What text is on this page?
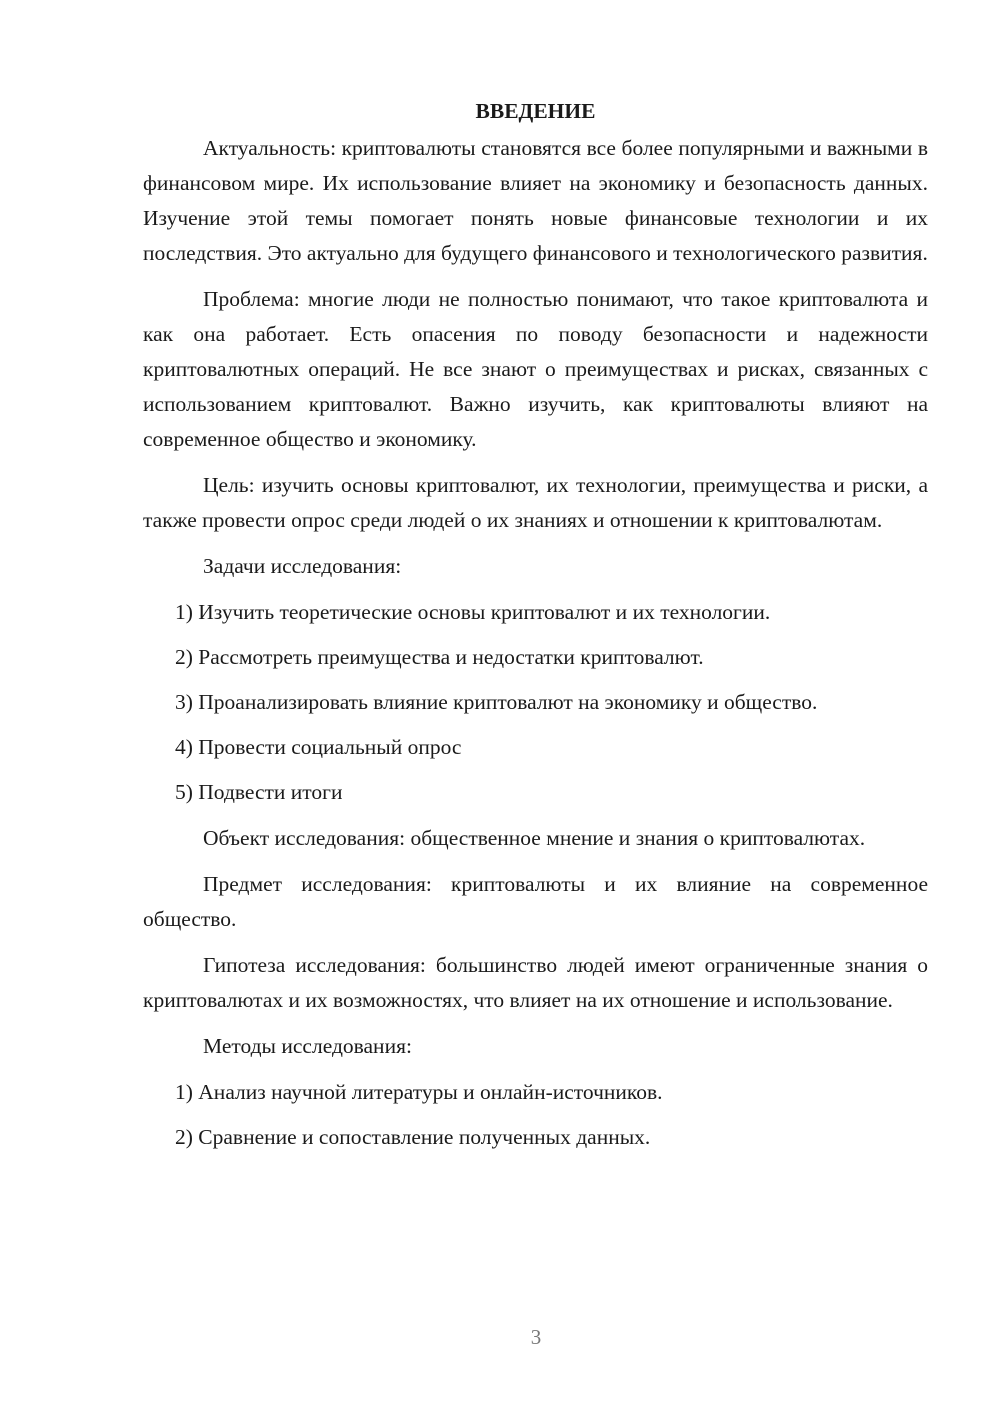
ВВЕДЕНИЕ

Актуальность: криптовалюты становятся все более популярными и важными в финансовом мире. Их использование влияет на экономику и безопасность данных. Изучение этой темы помогает понять новые финансовые технологии и их последствия. Это актуально для будущего финансового и технологического развития.

Проблема: многие люди не полностью понимают, что такое криптовалюта и как она работает. Есть опасения по поводу безопасности и надежности криптовалютных операций. Не все знают о преимуществах и рисках, связанных с использованием криптовалют. Важно изучить, как криптовалюты влияют на современное общество и экономику.

Цель: изучить основы криптовалют, их технологии, преимущества и риски, а также провести опрос среди людей о их знаниях и отношении к криптовалютам.

Задачи исследования:

1) Изучить теоретические основы криптовалют и их технологии.
2) Рассмотреть преимущества и недостатки криптовалют.
3) Проанализировать влияние криптовалют на экономику и общество.
4) Провести социальный опрос
5) Подвести итоги

Объект исследования: общественное мнение и знания о криптовалютах.

Предмет исследования: криптовалюты и их влияние на современное общество.

Гипотеза исследования: большинство людей имеют ограниченные знания о криптовалютах и их возможностях, что влияет на их отношение и использование.

Методы исследования:

1) Анализ научной литературы и онлайн-источников.
2) Сравнение и сопоставление полученных данных.
3
